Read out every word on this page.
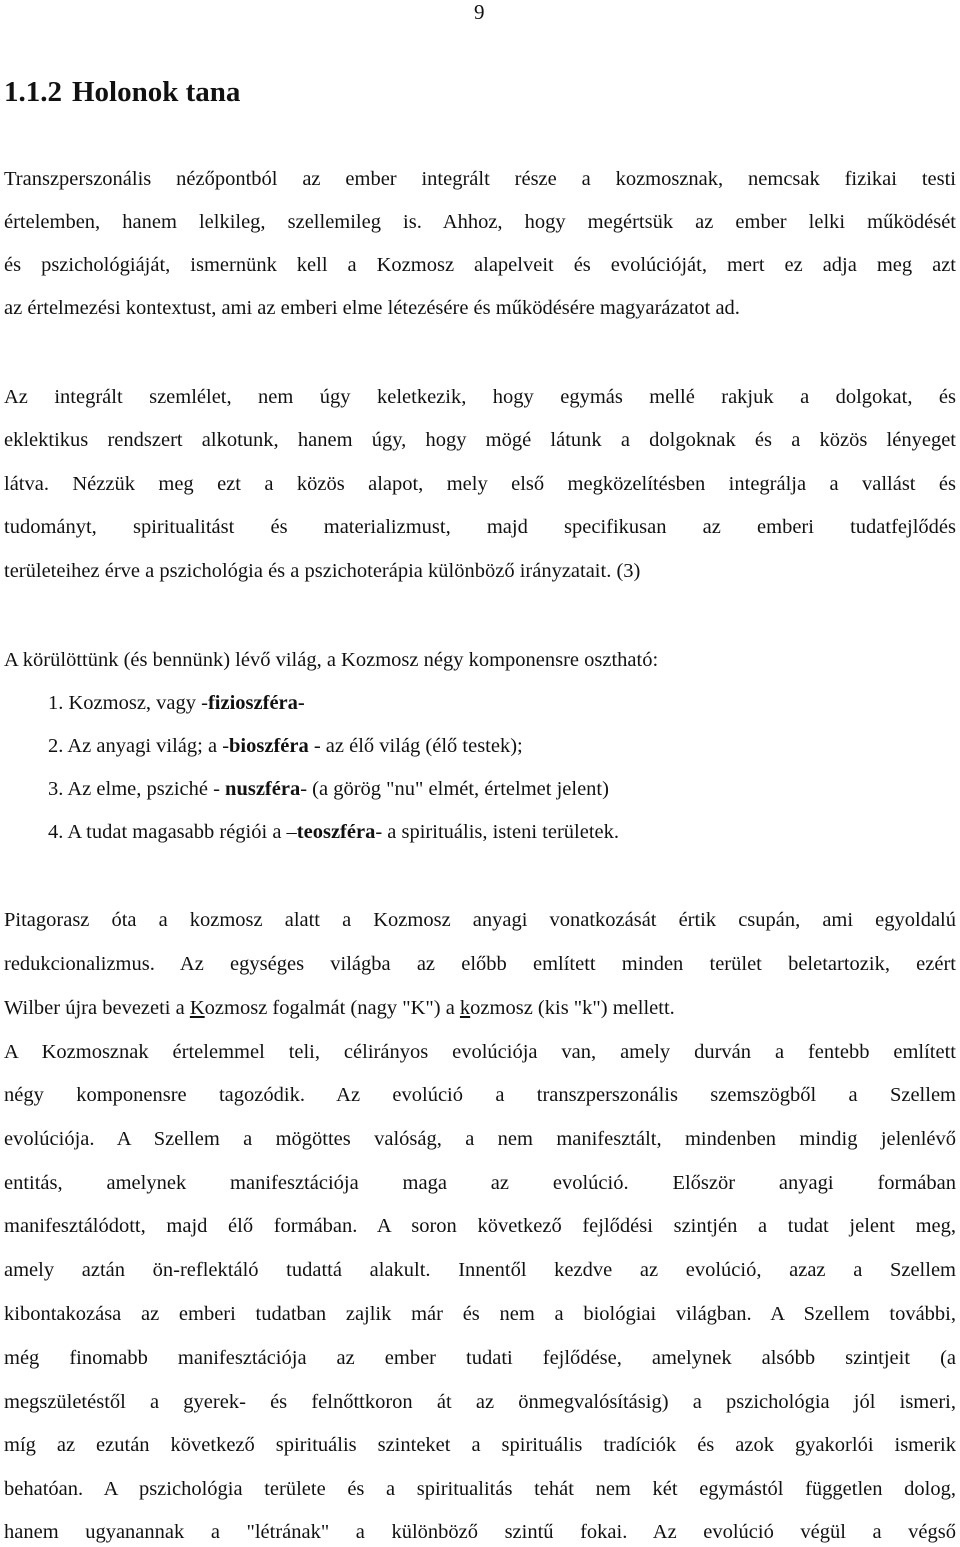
9
1.1.2 Holonok tana
Transzperszonális nézőpontból az ember integrált része a kozmosznak, nemcsak fizikai testi
értelemben, hanem lelkileg, szellemileg is. Ahhoz, hogy megértsük az ember lelki működését
és pszichológiáját, ismernünk kell a Kozmosz alapelveit és evolúcióját, mert ez adja meg azt
az értelmezési kontextust, ami az emberi elme létezésére és működésére magyarázatot ad.
Az integrált szemlélet, nem úgy keletkezik, hogy egymás mellé rakjuk a dolgokat, és
eklektikus rendszert alkotunk, hanem úgy, hogy mögé látunk a dolgoknak és a közös lényeget
látva. Nézzük meg ezt a közös alapot, mely első megközelítésben integrálja a vallást és
tudományt, spiritualitást és materializmust, majd specifikusan az emberi tudatfejlődés
területeihez érve a pszichológia és a pszichoterápia különböző irányzatait. (3)
A körülöttünk (és bennünk) lévő világ, a Kozmosz négy komponensre osztható:
1. Kozmosz, vagy -fizioszféra-
2. Az anyagi világ; a -bioszféra - az élő világ (élő testek);
3. Az elme, psziché - nuszféra- (a görög "nu" elmét, értelmet jelent)
4. A tudat magasabb régiói a –teoszféra- a spirituális, isteni területek.
Pitagorasz óta a kozmosz alatt a Kozmosz anyagi vonatkozását értik csupán, ami egyoldalú
redukcionalizmus. Az egységes világba az előbb említett minden terület beletartozik, ezért
Wilber újra bevezeti a Kozmosz fogalmát (nagy "K") a kozmosz (kis "k") mellett.
A Kozmosznak értelemmel teli, célirányos evolúciója van, amely durván a fentebb említett
négy komponensre tagozódik. Az evolúció a transzperszonális szemszögből a Szellem
evolúciója. A Szellem a mögöttes valóság, a nem manifesztált, mindenben mindig jelenlévő
entitás, amelynek manifesztációja maga az evolúció. Először anyagi formában
manifesztálódott, majd élő formában. A soron következő fejlődési szintjén a tudat jelent meg,
amely aztán ön-reflektáló tudattá alakult. Innentől kezdve az evolúció, azaz a Szellem
kibontakozása az emberi tudatban zajlik már és nem a biológiai világban. A Szellem további,
még finomabb manifesztációja az ember tudati fejlődése, amelynek alsóbb szintjeit (a
megszületéstől a gyerek- és felnőttkoron át az önmegvalósításig) a pszichológia jól ismeri,
míg az ezután következő spirituális szinteket a spirituális tradíciók és azok gyakorlói ismerik
behatóan. A pszichológia területe és a spiritualitás tehát nem két egymástól független dolog,
hanem ugyanannak a "létrának" a különböző szintű fokai. Az evolúció végül a végső
